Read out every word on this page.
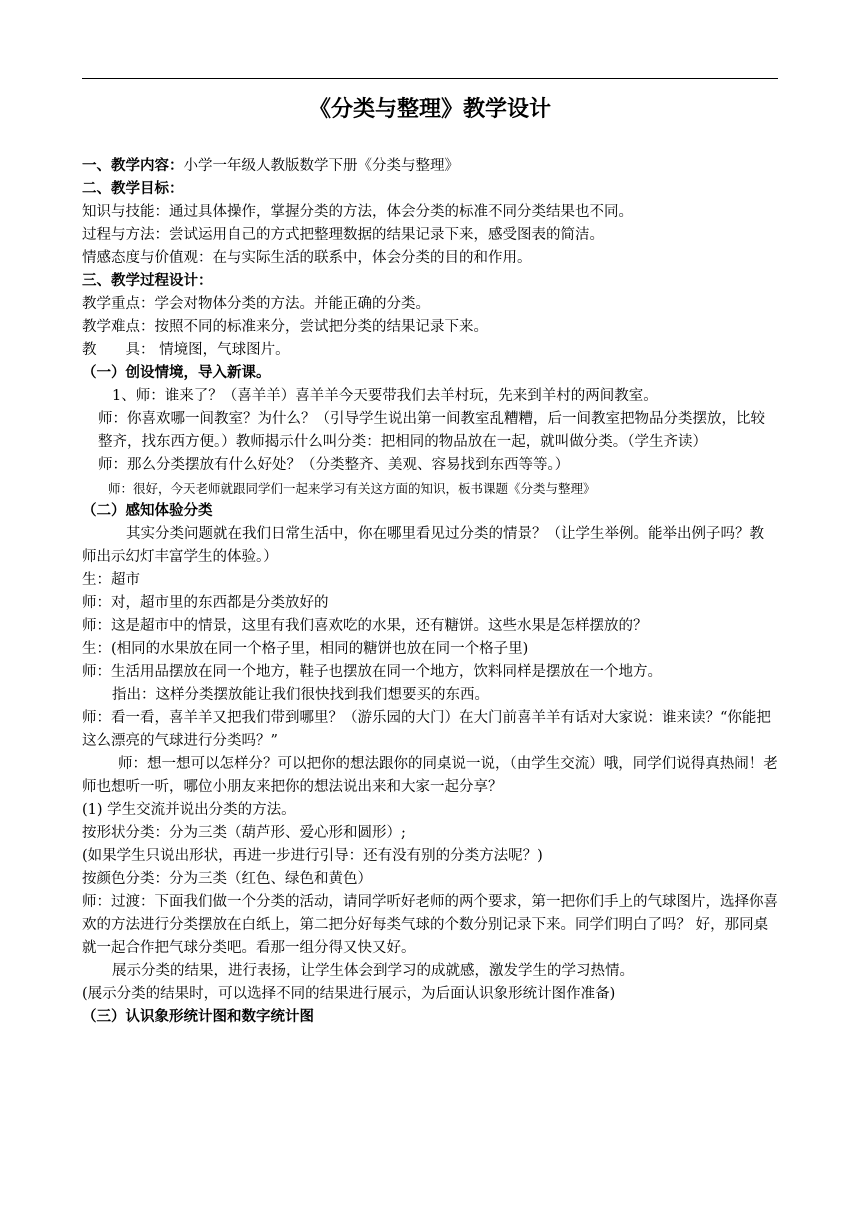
《分类与整理》教学设计

一、教学内容：小学一年级人教版数学下册《分类与整理》

二、教学目标：

知识与技能：通过具体操作，掌握分类的方法，体会分类的标准不同分类结果也不同。

过程与方法：尝试运用自己的方式把整理数据的结果记录下来，感受图表的简洁。

情感态度与价值观：在与实际生活的联系中，体会分类的目的和作用。

三、教学过程设计：

教学重点：学会对物体分类的方法。并能正确的分类。

教学难点：按照不同的标准来分，尝试把分类的结果记录下来。

教　　具： 情境图，气球图片。

（一）创设情境，导入新课。

1、师：谁来了？（喜羊羊）喜羊羊今天要带我们去羊村玩，先来到羊村的两间教室。

师：你喜欢哪一间教室？为什么？（引导学生说出第一间教室乱糟糟，后一间教室把物品分类摆放，比较整齐，找东西方便。）教师揭示什么叫分类：把相同的物品放在一起，就叫做分类。（学生齐读）

师：那么分类摆放有什么好处？（分类整齐、美观、容易找到东西等等。）

师：很好，今天老师就跟同学们一起来学习有关这方面的知识，板书课题《分类与整理》

（二）感知体验分类

其实分类问题就在我们日常生活中，你在哪里看见过分类的情景？（让学生举例。能举出例子吗？教师出示幻灯丰富学生的体验。）

生：超市

师：对，超市里的东西都是分类放好的

师：这是超市中的情景，这里有我们喜欢吃的水果，还有糖饼。这些水果是怎样摆放的？

生：(相同的水果放在同一个格子里，相同的糖饼也放在同一个格子里)

师：生活用品摆放在同一个地方，鞋子也摆放在同一个地方，饮料同样是摆放在一个地方。

指出：这样分类摆放能让我们很快找到我们想要买的东西。

师：看一看，喜羊羊又把我们带到哪里？（游乐园的大门）在大门前喜羊羊有话对大家说：谁来读？“你能把这么漂亮的气球进行分类吗？”

师：想一想可以怎样分？可以把你的想法跟你的同桌说一说，（由学生交流）哦，同学们说得真热闹！老师也想听一听，哪位小朋友来把你的想法说出来和大家一起分享？

(1) 学生交流并说出分类的方法。

按形状分类：分为三类（葫芦形、爱心形和圆形）;

(如果学生只说出形状，再进一步进行引导：还有没有别的分类方法呢？)

按颜色分类：分为三类（红色、绿色和黄色）

师：过渡：下面我们做一个分类的活动，请同学听好老师的两个要求，第一把你们手上的气球图片，选择你喜欢的方法进行分类摆放在白纸上，第二把分好每类气球的个数分别记录下来。同学们明白了吗？ 好，那同桌就一起合作把气球分类吧。看那一组分得又快又好。

展示分类的结果，进行表扬，让学生体会到学习的成就感，激发学生的学习热情。

(展示分类的结果时，可以选择不同的结果进行展示，为后面认识象形统计图作准备)

（三）认识象形统计图和数字统计图
